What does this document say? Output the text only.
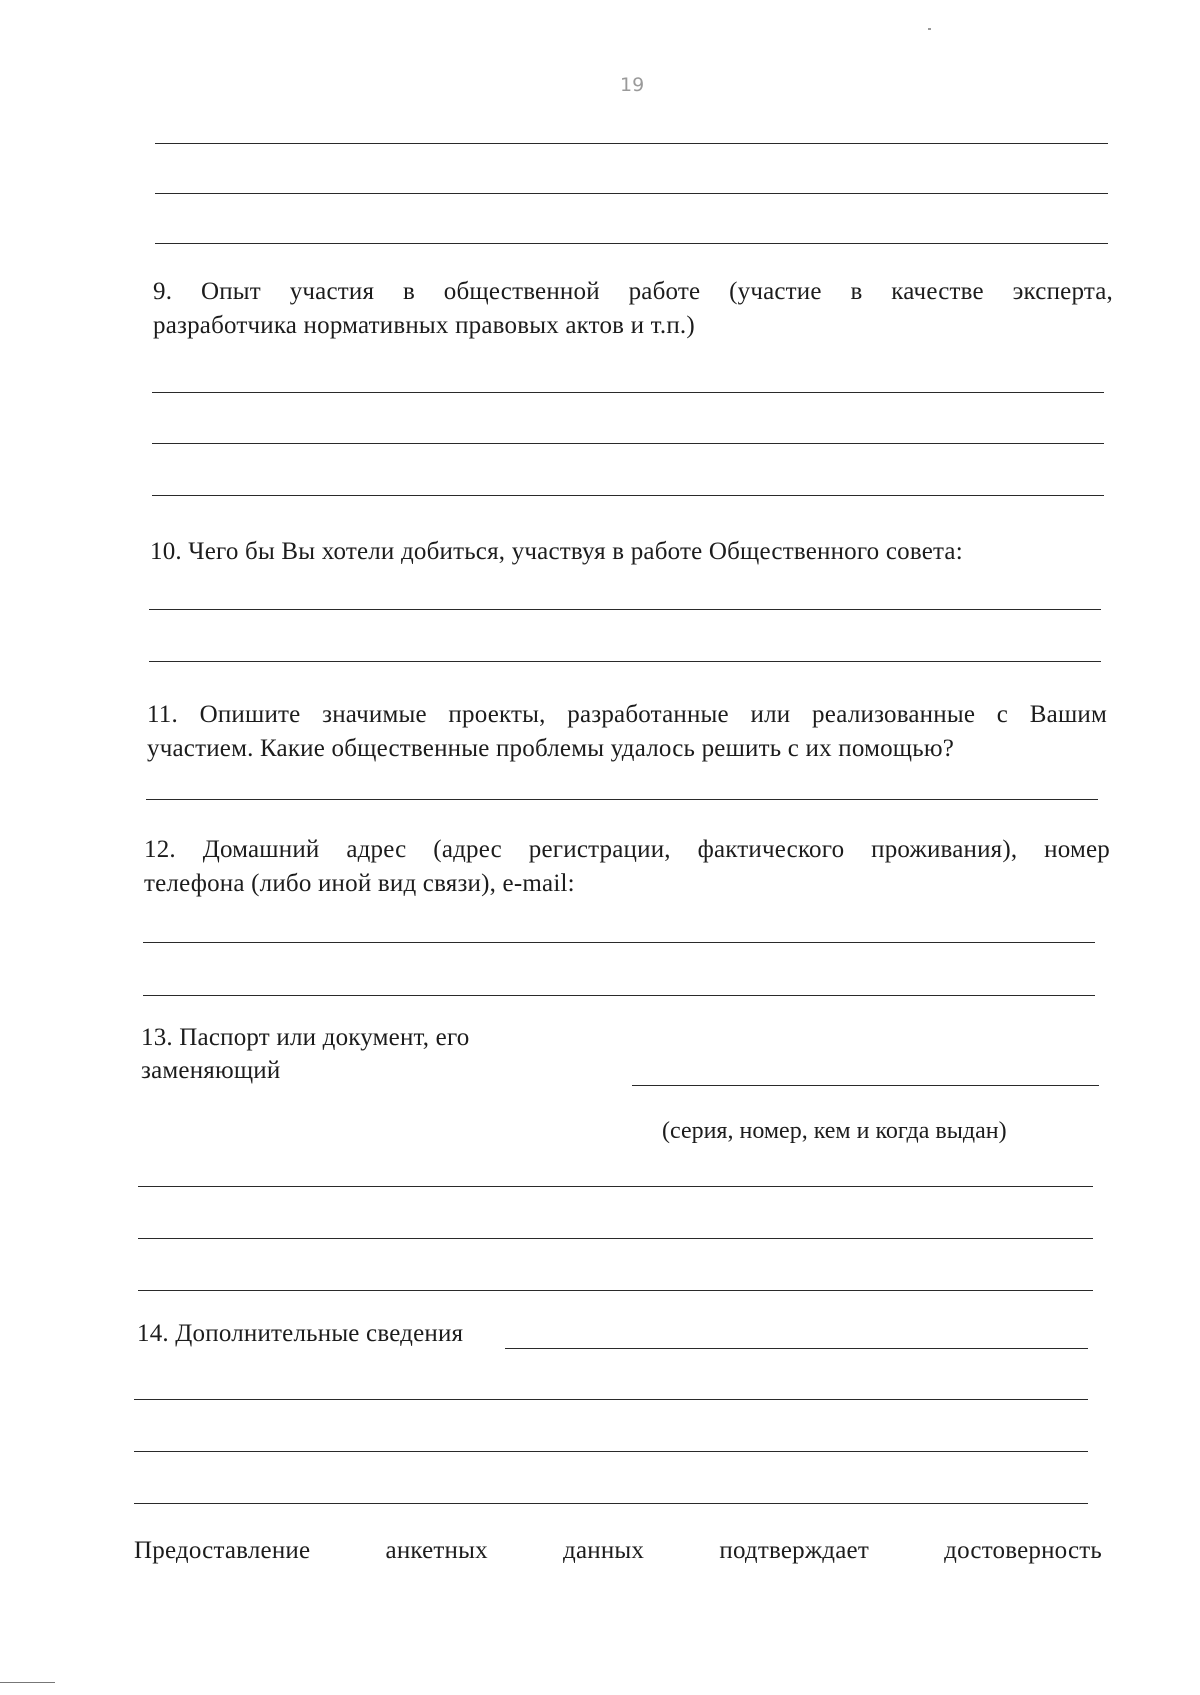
19
9. Опыт участия в общественной работе (участие в качестве эксперта,
разработчика нормативных правовых актов и т.п.)
10. Чего бы Вы хотели добиться, участвуя в работе Общественного совета:
11. Опишите значимые проекты, разработанные или реализованные с Вашим
участием. Какие общественные проблемы удалось решить с их помощью?
12. Домашний адрес (адрес регистрации, фактического проживания), номер
телефона (либо иной вид связи), e-mail:
13. Паспорт или документ, его
заменяющий
(серия, номер, кем и когда выдан)
14. Дополнительные сведения
Предоставление анкетных данных подтверждает достоверность
